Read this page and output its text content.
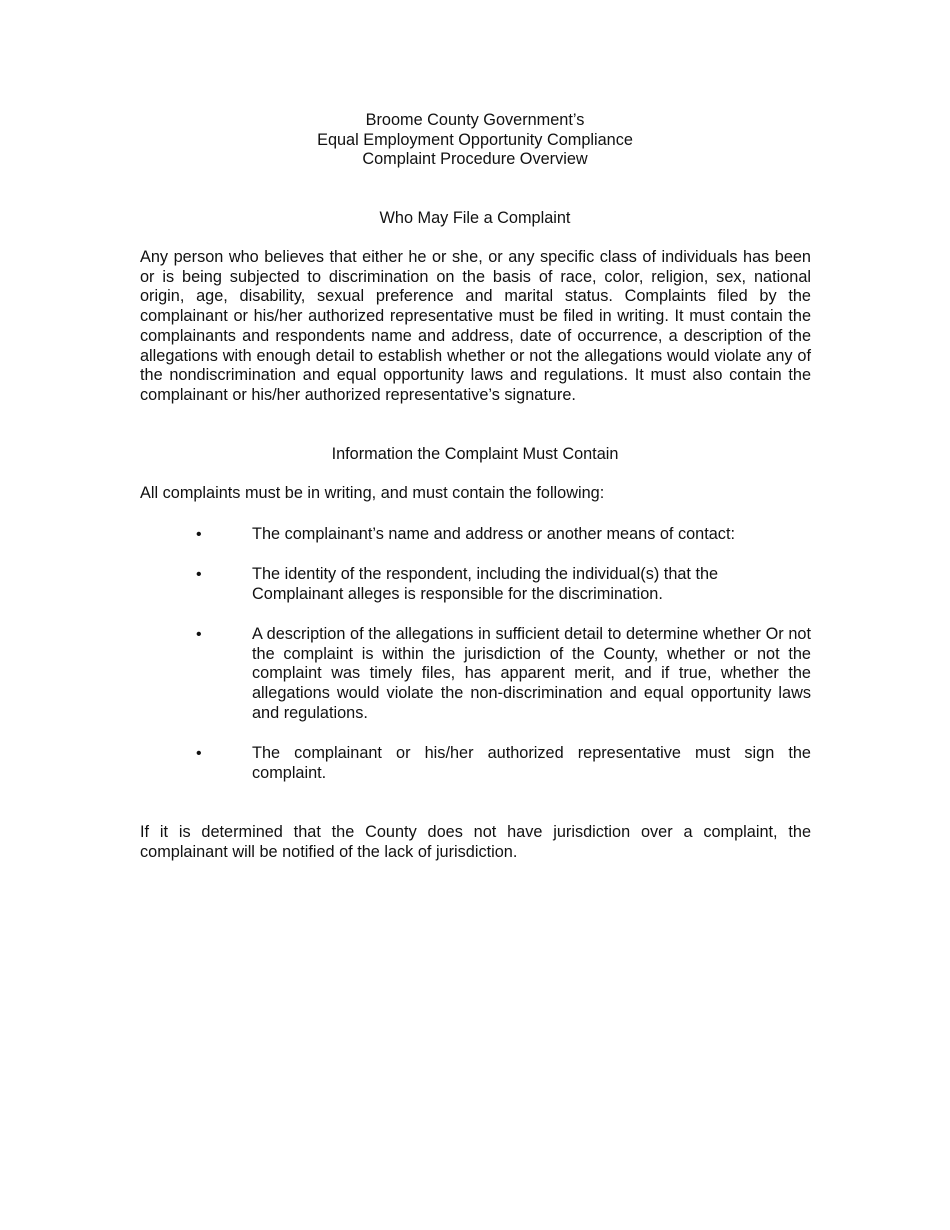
Broome County Government’s
Equal Employment Opportunity Compliance
Complaint Procedure Overview
Who May File a Complaint
Any person who believes that either he or she, or any specific class of individuals has been or is being subjected to discrimination on the basis of race, color, religion, sex, national origin, age, disability, sexual preference and marital status. Complaints filed by the complainant or his/her authorized representative must be filed in writing. It must contain the complainants and respondents name and address, date of occurrence, a description of the allegations with enough detail to establish whether or not the allegations would violate any of the nondiscrimination and equal opportunity laws and regulations. It must also contain the complainant or his/her authorized representative’s signature.
Information the Complaint Must Contain
All complaints must be in writing, and must contain the following:
•	The complainant’s name and address or another means of contact:
•	The identity of the respondent, including the individual(s) that the Complainant alleges is responsible for the discrimination.
•	A description of the allegations in sufficient detail to determine whether Or not the complaint is within the jurisdiction of the County, whether or not the complaint was timely files, has apparent merit, and if true, whether the allegations would violate the non-discrimination and equal opportunity laws and regulations.
•	The complainant or his/her authorized representative must sign the complaint.
If it is determined that the County does not have jurisdiction over a complaint, the complainant will be notified of the lack of jurisdiction.
